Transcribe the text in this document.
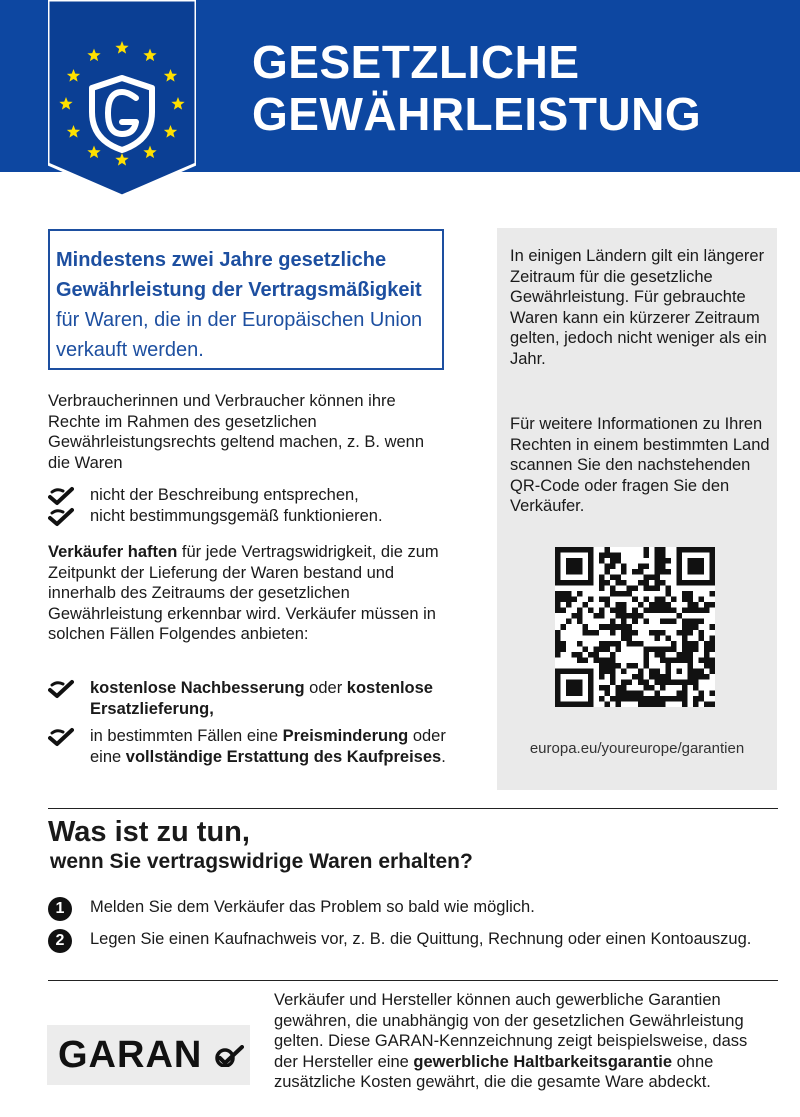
GESETZLICHE
GEWÄHRLEISTUNG
Mindestens zwei Jahre gesetzliche Gewährleistung der Vertragsmäßigkeit für Waren, die in der Europäischen Union verkauft werden.
Verbraucherinnen und Verbraucher können ihre Rechte im Rahmen des gesetzlichen Gewährleistungsrechts geltend machen, z. B. wenn die Waren
nicht der Beschreibung entsprechen,
nicht bestimmungsgemäß funktionieren.
Verkäufer haften für jede Vertragswidrigkeit, die zum Zeitpunkt der Lieferung der Waren bestand und innerhalb des Zeitraums der gesetzlichen Gewährleistung erkennbar wird. Verkäufer müssen in solchen Fällen Folgendes anbieten:
kostenlose Nachbesserung oder kostenlose Ersatzlieferung,
in bestimmten Fällen eine Preisminderung oder eine vollständige Erstattung des Kaufpreises.
In einigen Ländern gilt ein längerer Zeitraum für die gesetzliche Gewährleistung. Für gebrauchte Waren kann ein kürzerer Zeitraum gelten, jedoch nicht weniger als ein Jahr.
Für weitere Informationen zu Ihren Rechten in einem bestimmten Land scannen Sie den nachstehenden QR-Code oder fragen Sie den Verkäufer.
europa.eu/youreurope/garantien
Was ist zu tun,
wenn Sie vertragswidrige Waren erhalten?
1	Melden Sie dem Verkäufer das Problem so bald wie möglich.
2	Legen Sie einen Kaufnachweis vor, z. B. die Quittung, Rechnung oder einen Kontoauszug.
GARAN
Verkäufer und Hersteller können auch gewerbliche Garantien gewähren, die unabhängig von der gesetzlichen Gewährleistung gelten. Diese GARAN-Kennzeichnung zeigt beispielsweise, dass der Hersteller eine gewerbliche Haltbarkeitsgarantie ohne zusätzliche Kosten gewährt, die die gesamte Ware abdeckt.
